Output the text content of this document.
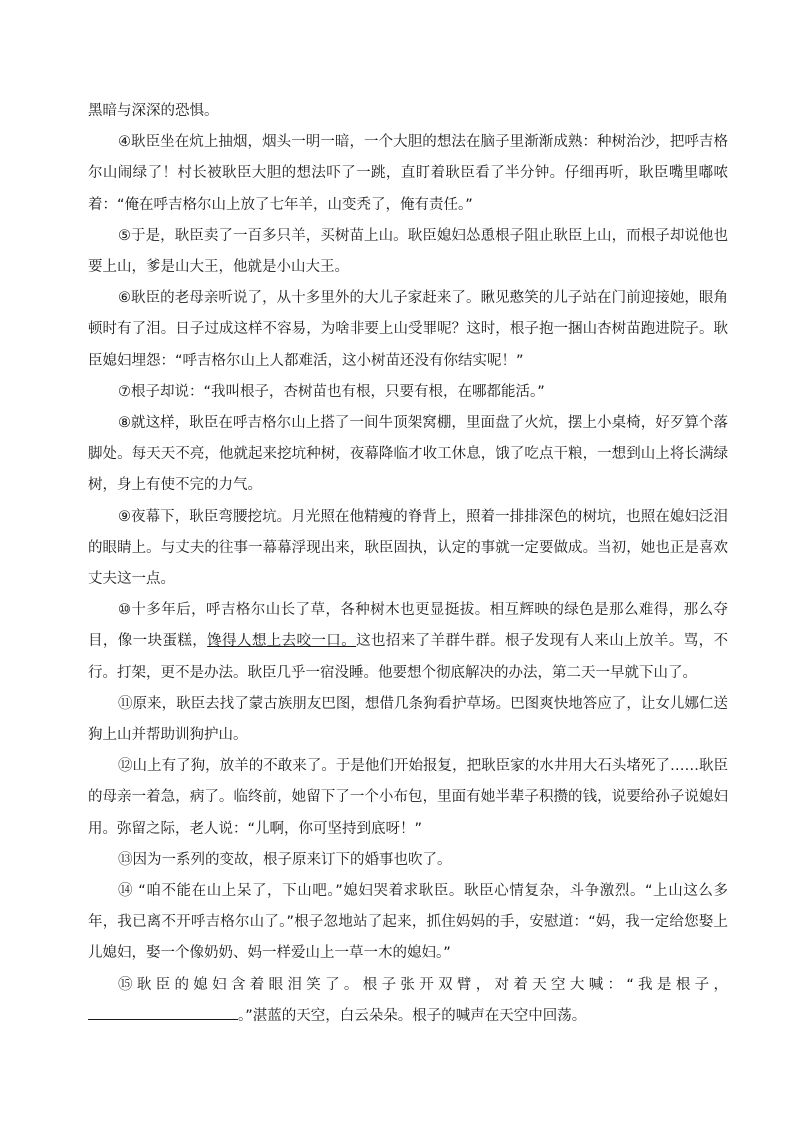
黑暗与深深的恐惧。

④耿臣坐在炕上抽烟，烟头一明一暗，一个大胆的想法在脑子里渐渐成熟：种树治沙，把呼吉格尔山闹绿了！村长被耿臣大胆的想法吓了一跳，直盯着耿臣看了半分钟。仔细再听，耿臣嘴里嘟哝着：“俺在呼吉格尔山上放了七年羊，山变秃了，俺有责任。”

⑤于是，耿臣卖了一百多只羊，买树苗上山。耿臣媳妇怂恿根子阻止耿臣上山，而根子却说他也要上山，爹是山大王，他就是小山大王。

⑥耿臣的老母亲听说了，从十多里外的大儿子家赶来了。瞅见憨笑的儿子站在门前迎接她，眼角顿时有了泪。日子过成这样不容易，为啥非要上山受罪呢？这时，根子抱一捆山杏树苗跑进院子。耿臣媳妇埋怨：“呼吉格尔山上人都难活，这小树苗还没有你结实呢！”

⑦根子却说：“我叫根子，杏树苗也有根，只要有根，在哪都能活。”

⑧就这样，耿臣在呼吉格尔山上搭了一间牛顶架窝棚，里面盘了火炕，摆上小桌椅，好歹算个落脚处。每天天不亮，他就起来挖坑种树，夜幕降临才收工休息，饿了吃点干粮，一想到山上将长满绿树，身上有使不完的力气。

⑨夜幕下，耿臣弯腰挖坑。月光照在他精瘦的脊背上，照着一排排深色的树坑，也照在媳妇泛泪的眼睛上。与丈夫的往事一幕幕浮现出来，耿臣固执，认定的事就一定要做成。当初，她也正是喜欢丈夫这一点。

⑩十多年后，呼吉格尔山长了草，各种树木也更显挺拔。相互辉映的绿色是那么难得，那么夺目，像一块蛋糕，馋得人想上去咬一口。这也招来了羊群牛群。根子发现有人来山上放羊。骂，不行。打架，更不是办法。耿臣几乎一宿没睡。他要想个彻底解决的办法，第二天一早就下山了。

⑪原来，耿臣去找了蒙古族朋友巴图，想借几条狗看护草场。巴图爽快地答应了，让女儿娜仁送狗上山并帮助训狗护山。

⑫山上有了狗，放羊的不敢来了。于是他们开始报复，把耿臣家的水井用大石头堵死了……耿臣的母亲一着急，病了。临终前，她留下了一个小布包，里面有她半辈子积攒的钱，说要给孙子说媳妇用。弥留之际，老人说：“儿啊，你可坚持到底呀！”

⑬因为一系列的变故，根子原来订下的婚事也吹了。

⑭ “咱不能在山上呆了，下山吧。”媳妇哭着求耿臣。耿臣心情复杂，斗争激烈。“上山这么多年，我已离不开呼吉格尔山了。”根子忽地站了起来，抓住妈妈的手，安慰道：“妈，我一定给您娶上儿媳妇，娶一个像奶奶、妈一样爱山上一草一木的媳妇。”

⑮耿臣的媳妇含着眼泪笑了。根子张开双臂，对着天空大喊：“我是根子，。”湛蓝的天空，白云朵朵。根子的喊声在天空中回荡。
